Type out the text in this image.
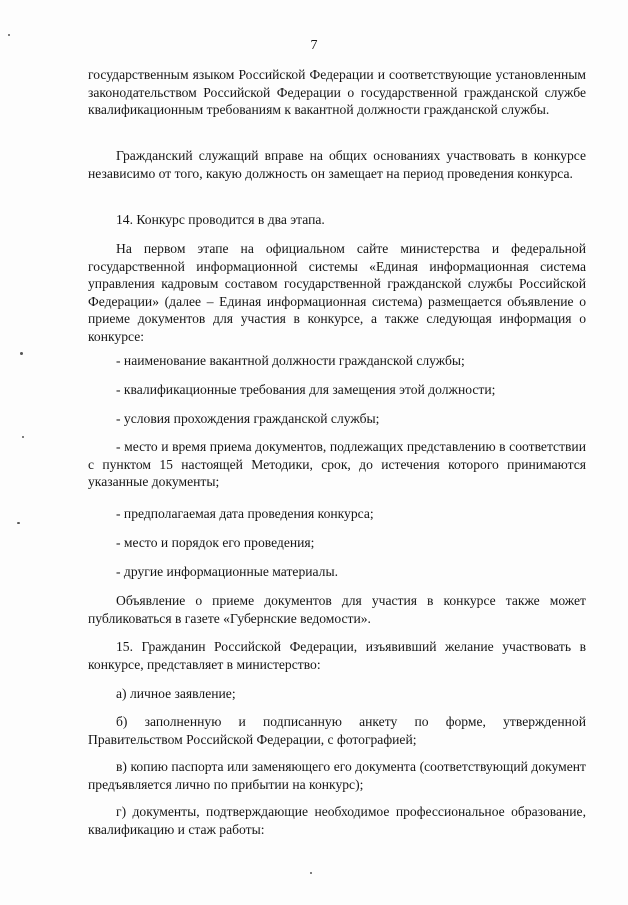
7

государственным языком Российской Федерации и соответствующие установленным законодательством Российской Федерации о государственной гражданской службе квалификационным требованиям к вакантной должности гражданской службы.

Гражданский служащий вправе на общих основаниях участвовать в конкурсе независимо от того, какую должность он замещает на период проведения конкурса.

14. Конкурс проводится в два этапа.

На первом этапе на официальном сайте министерства и федеральной государственной информационной системы «Единая информационная система управления кадровым составом государственной гражданской службы Российской Федерации» (далее – Единая информационная система) размещается объявление о приеме документов для участия в конкурсе, а также следующая информация о конкурсе:

- наименование вакантной должности гражданской службы;

- квалификационные требования для замещения этой должности;

- условия прохождения гражданской службы;

- место и время приема документов, подлежащих представлению в соответствии с пунктом 15 настоящей Методики, срок, до истечения которого принимаются указанные документы;

- предполагаемая дата проведения конкурса;

- место и порядок его проведения;

- другие информационные материалы.

Объявление о приеме документов для участия в конкурсе также может публиковаться в газете «Губернские ведомости».

15. Гражданин Российской Федерации, изъявивший желание участвовать в конкурсе, представляет в министерство:

а) личное заявление;

б) заполненную и подписанную анкету по форме, утвержденной Правительством Российской Федерации, с фотографией;

в) копию паспорта или заменяющего его документа (соответствующий документ предъявляется лично по прибытии на конкурс);

г) документы, подтверждающие необходимое профессиональное образование, квалификацию и стаж работы:
